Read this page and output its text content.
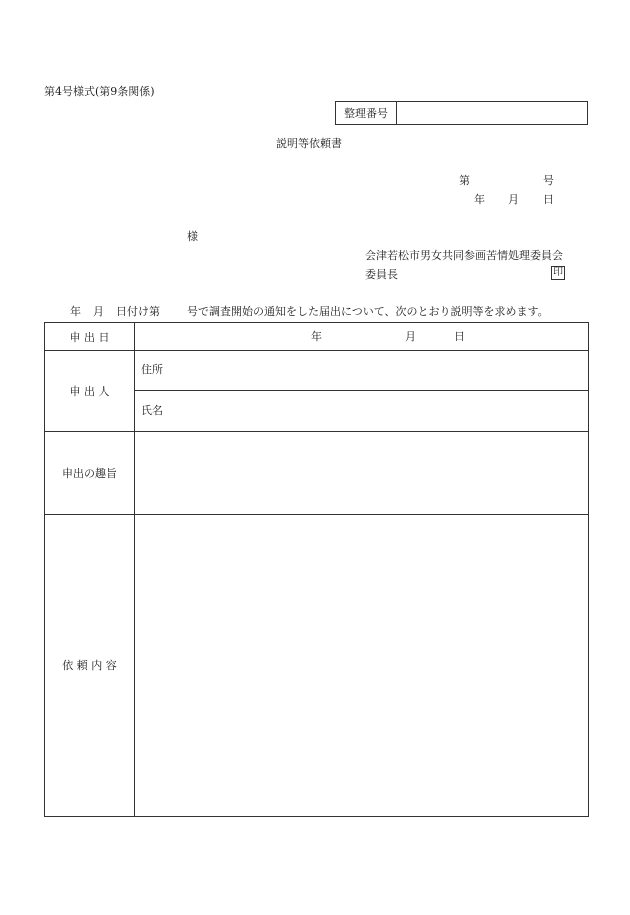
第4号様式(第9条関係)
整理番号
説明等依頼書
第	号
年 月 日
様
会津若松市男女共同参画苦情処理委員会
委員長	印
年 月 日付け第 号で調査開始の通知をした届出について、次のとおり説明等を求めます。
申 出 日	年	月	日
申 出 人
住所
氏名
申出の趣旨
依 頼 内 容
